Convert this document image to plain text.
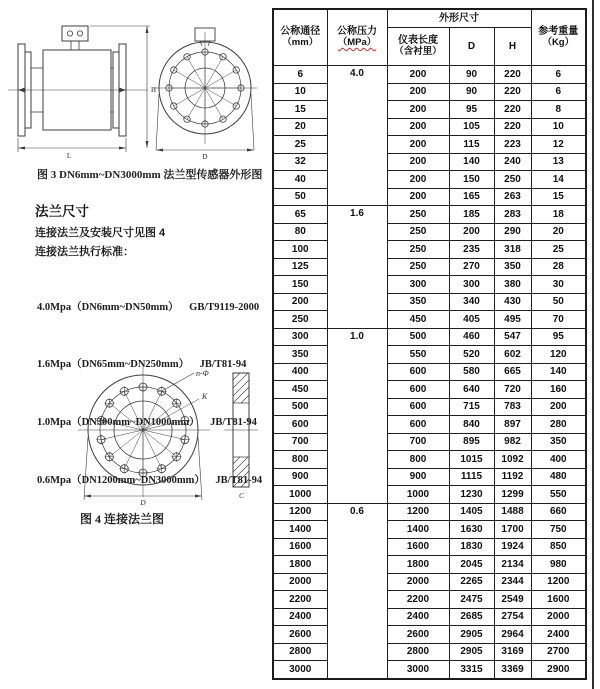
L
H
D
图 3 DN6mm~DN3000mm 法兰型传感器外形图
法兰尺寸
连接法兰及安装尺寸见图 4
连接法兰执行标准：

4.0Mpa（DN6mm~DN50mm）    GB/T9119-2000

1.6Mpa（DN65mm~DN250mm）    JB/T81-94

1.0Mpa（DN300mm~DN1000mm）    JB/T81-94

0.6Mpa（DN1200mm~DN3000mm）    JB/T81-94

n-Φ
K
D
C
图 4 连接法兰图
公称通径
（mm）

公称压力
（MPa）
	外形尺寸	
参考重量
（Kg）

		仪表长度
（含衬里）	D	H	
6	4.0	200	90	220	6
10		200	90	220	6
15		200	95	220	8
20		200	105	220	10
25		200	115	223	12
32		200	140	240	13
40		200	150	250	14
50		200	165	263	15
65	1.6	250	185	283	18
80		250	200	290	20
100		250	235	318	25
125		250	270	350	28
150		300	300	380	30
200		350	340	430	50
250		450	405	495	70
300	1.0	500	460	547	95
350		550	520	602	120
400		600	580	665	140
450		600	640	720	160
500		600	715	783	200
600		600	840	897	280
700		700	895	982	350
800		800	1015	1092	400
900		900	1115	1192	480
1000		1000	1230	1299	550
1200	0.6	1200	1405	1488	660
1400		1400	1630	1700	750
1600		1600	1830	1924	850
1800		1800	2045	2134	980
2000		2000	2265	2344	1200
2200		2200	2475	2549	1600
2400		2400	2685	2754	2000
2600		2600	2905	2964	2400
2800		2800	2905	3169	2700
3000		3000	3315	3369	2900
